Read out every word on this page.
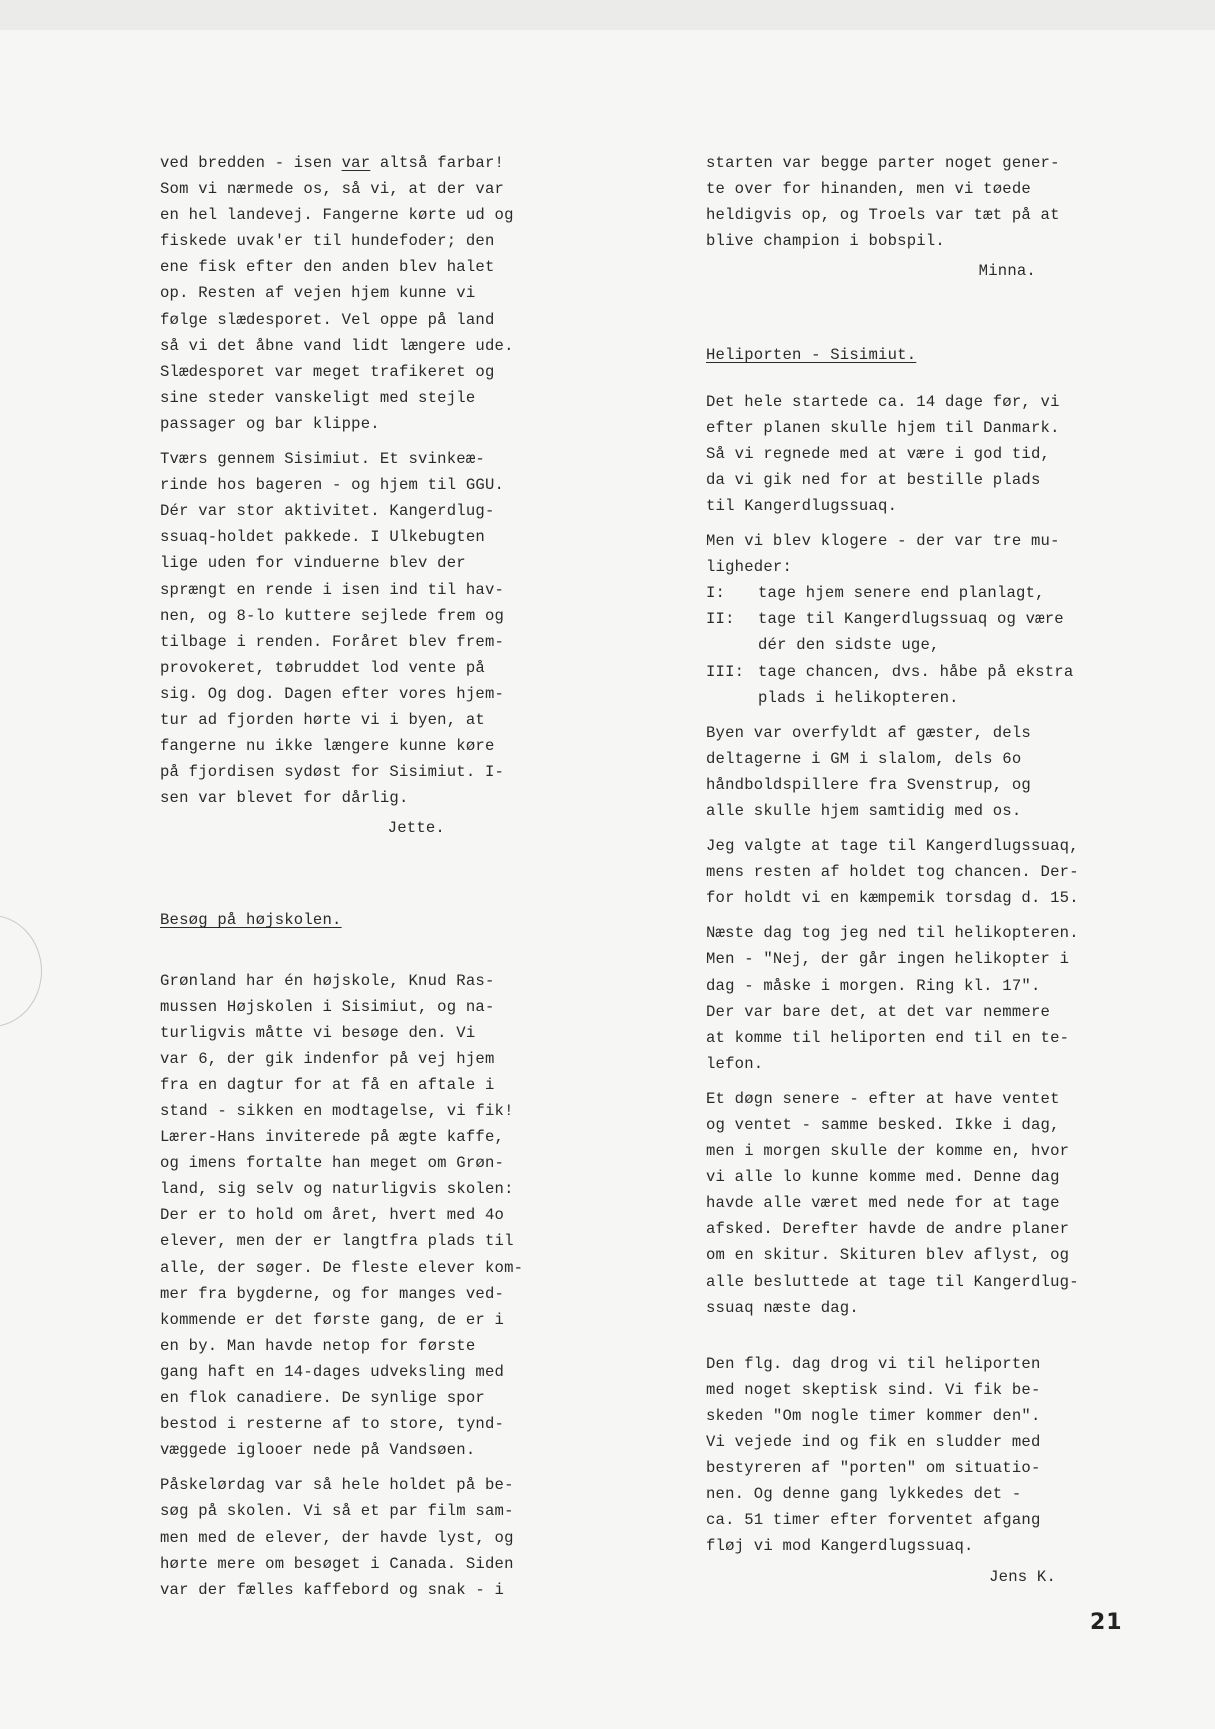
ved bredden - isen var altså farbar!
Som vi nærmede os, så vi, at der var
en hel landevej. Fangerne kørte ud og
fiskede uvak'er til hundefoder; den
ene fisk efter den anden blev halet
op. Resten af vejen hjem kunne vi
følge slædesporet. Vel oppe på land
så vi det åbne vand lidt længere ude.
Slædesporet var meget trafikeret og
sine steder vanskeligt med stejle
passager og bar klippe.
Tværs gennem Sisimiut. Et svinkeæ-
rinde hos bageren - og hjem til GGU.
Dér var stor aktivitet. Kangerdlug-
ssuaq-holdet pakkede. I Ulkebugten
lige uden for vinduerne blev der
sprængt en rende i isen ind til hav-
nen, og 8-lo kuttere sejlede frem og
tilbage i renden. Foråret blev frem-
provokeret, tøbruddet lod vente på
sig. Og dog. Dagen efter vores hjem-
tur ad fjorden hørte vi i byen, at
fangerne nu ikke længere kunne køre
på fjordisen sydøst for Sisimiut. I-
sen var blevet for dårlig.
Jette.
Besøg på højskolen.
Grønland har én højskole, Knud Ras-
mussen Højskolen i Sisimiut, og na-
turligvis måtte vi besøge den. Vi
var 6, der gik indenfor på vej hjem
fra en dagtur for at få en aftale i
stand - sikken en modtagelse, vi fik!
Lærer-Hans inviterede på ægte kaffe,
og imens fortalte han meget om Grøn-
land, sig selv og naturligvis skolen:
Der er to hold om året, hvert med 4o
elever, men der er langtfra plads til
alle, der søger. De fleste elever kom-
mer fra bygderne, og for manges ved-
kommende er det første gang, de er i
en by. Man havde netop for første
gang haft en 14-dages udveksling med
en flok canadiere. De synlige spor
bestod i resterne af to store, tynd-
væggede iglooer nede på Vandsøen.
Påskelørdag var så hele holdet på be-
søg på skolen. Vi så et par film sam-
men med de elever, der havde lyst, og
hørte mere om besøget i Canada. Siden
var der fælles kaffebord og snak - i
starten var begge parter noget gener-
te over for hinanden, men vi tøede
heldigvis op, og Troels var tæt på at
blive champion i bobspil.
Minna.
Heliporten - Sisimiut.
Det hele startede ca. 14 dage før, vi
efter planen skulle hjem til Danmark.
Så vi regnede med at være i god tid,
da vi gik ned for at bestille plads
til Kangerdlugssuaq.
Men vi blev klogere - der var tre mu-
ligheder:
I:	tage hjem senere end planlagt,
II:	tage til Kangerdlugssuaq og være
dér den sidste uge,
III: tage chancen, dvs. håbe på ekstra
plads i helikopteren.
Byen var overfyldt af gæster, dels
deltagerne i GM i slalom, dels 6o
håndboldspillere fra Svenstrup, og
alle skulle hjem samtidig med os.
Jeg valgte at tage til Kangerdlugssuaq,
mens resten af holdet tog chancen. Der-
for holdt vi en kæmpemik torsdag d. 15.
Næste dag tog jeg ned til helikopteren.
Men - "Nej, der går ingen helikopter i
dag - måske i morgen. Ring kl. 17".
Der var bare det, at det var nemmere
at komme til heliporten end til en te-
lefon.
Et døgn senere - efter at have ventet
og ventet - samme besked. Ikke i dag,
men i morgen skulle der komme en, hvor
vi alle lo kunne komme med. Denne dag
havde alle været med nede for at tage
afsked. Derefter havde de andre planer
om en skitur. Skituren blev aflyst, og
alle besluttede at tage til Kangerdlug-
ssuaq næste dag.
Den flg. dag drog vi til heliporten
med noget skeptisk sind. Vi fik be-
skeden "Om nogle timer kommer den".
Vi vejede ind og fik en sludder med
bestyreren af "porten" om situatio-
nen. Og denne gang lykkedes det -
ca. 51 timer efter forventet afgang
fløj vi mod Kangerdlugssuaq.
Jens K.
21
